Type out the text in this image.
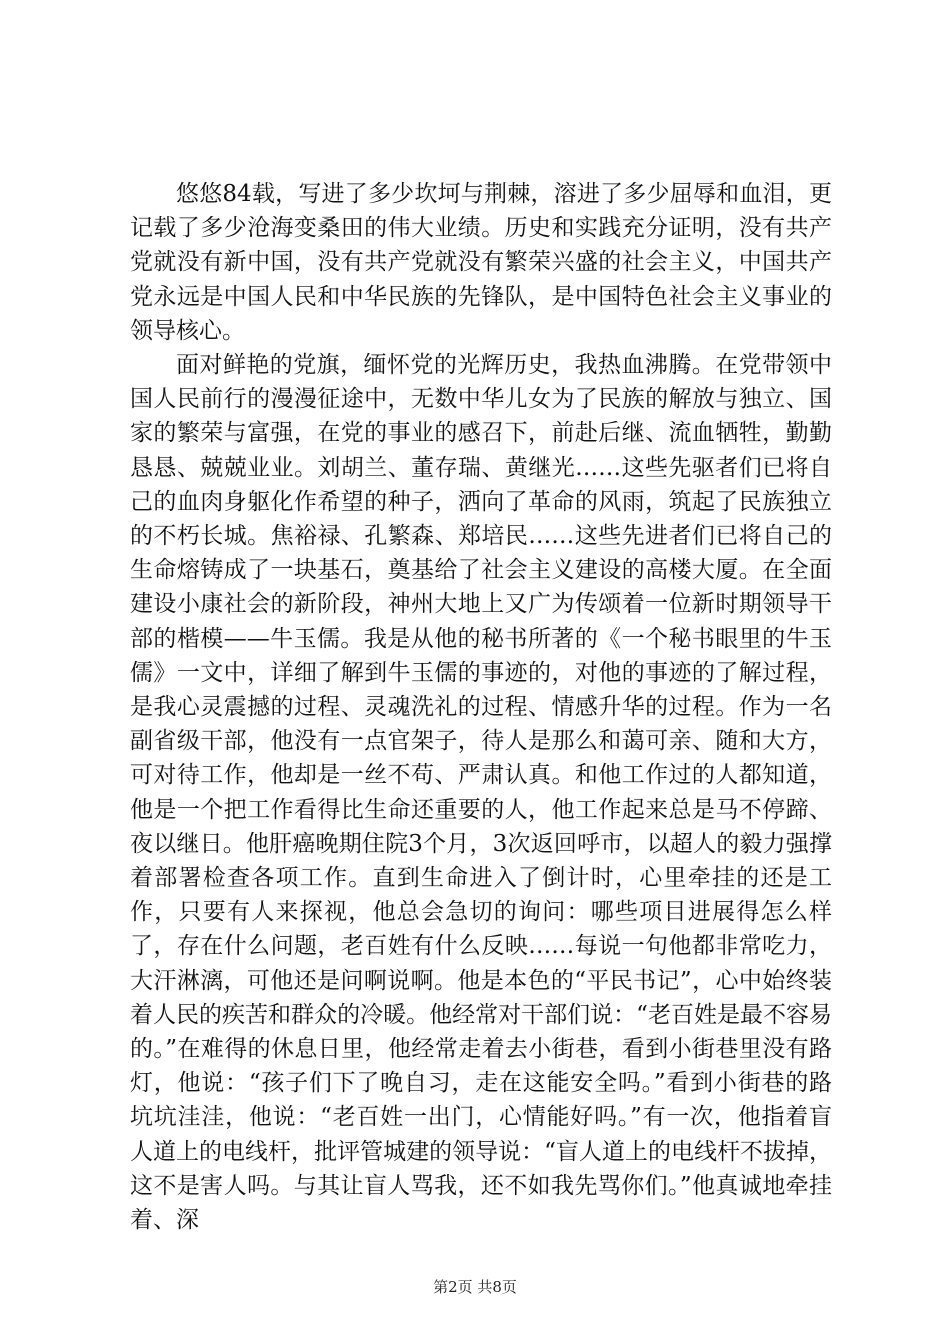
悠悠84载，写进了多少坎坷与荆棘，溶进了多少屈辱和血泪，更记载了多少沧海变桑田的伟大业绩。历史和实践充分证明，没有共产党就没有新中国，没有共产党就没有繁荣兴盛的社会主义，中国共产党永远是中国人民和中华民族的先锋队，是中国特色社会主义事业的领导核心。

面对鲜艳的党旗，缅怀党的光辉历史，我热血沸腾。在党带领中国人民前行的漫漫征途中，无数中华儿女为了民族的解放与独立、国家的繁荣与富强，在党的事业的感召下，前赴后继、流血牺牲，勤勤恳恳、兢兢业业。刘胡兰、董存瑞、黄继光……这些先驱者们已将自己的血肉身躯化作希望的种子，洒向了革命的风雨，筑起了民族独立的不朽长城。焦裕禄、孔繁森、郑培民……这些先进者们已将自己的生命熔铸成了一块基石，奠基给了社会主义建设的高楼大厦。在全面建设小康社会的新阶段，神州大地上又广为传颂着一位新时期领导干部的楷模——牛玉儒。我是从他的秘书所著的《一个秘书眼里的牛玉儒》一文中，详细了解到牛玉儒的事迹的，对他的事迹的了解过程，是我心灵震撼的过程、灵魂洗礼的过程、情感升华的过程。作为一名副省级干部，他没有一点官架子，待人是那么和蔼可亲、随和大方，可对待工作，他却是一丝不苟、严肃认真。和他工作过的人都知道，他是一个把工作看得比生命还重要的人，他工作起来总是马不停蹄、夜以继日。他肝癌晚期住院3个月，3次返回呼市，以超人的毅力强撑着部署检查各项工作。直到生命进入了倒计时，心里牵挂的还是工作，只要有人来探视，他总会急切的询问：哪些项目进展得怎么样了，存在什么问题，老百姓有什么反映……每说一句他都非常吃力，大汗淋漓，可他还是问啊说啊。他是本色的“平民书记”，心中始终装着人民的疾苦和群众的冷暖。他经常对干部们说：“老百姓是最不容易的。”在难得的休息日里，他经常走着去小街巷，看到小街巷里没有路灯，他说：“孩子们下了晚自习，走在这能安全吗。”看到小街巷的路坑坑洼洼，他说：“老百姓一出门，心情能好吗。”有一次，他指着盲人道上的电线杆，批评管城建的领导说：“盲人道上的电线杆不拔掉，这不是害人吗。与其让盲人骂我，还不如我先骂你们。”他真诚地牵挂着、深

第2页 共8页
